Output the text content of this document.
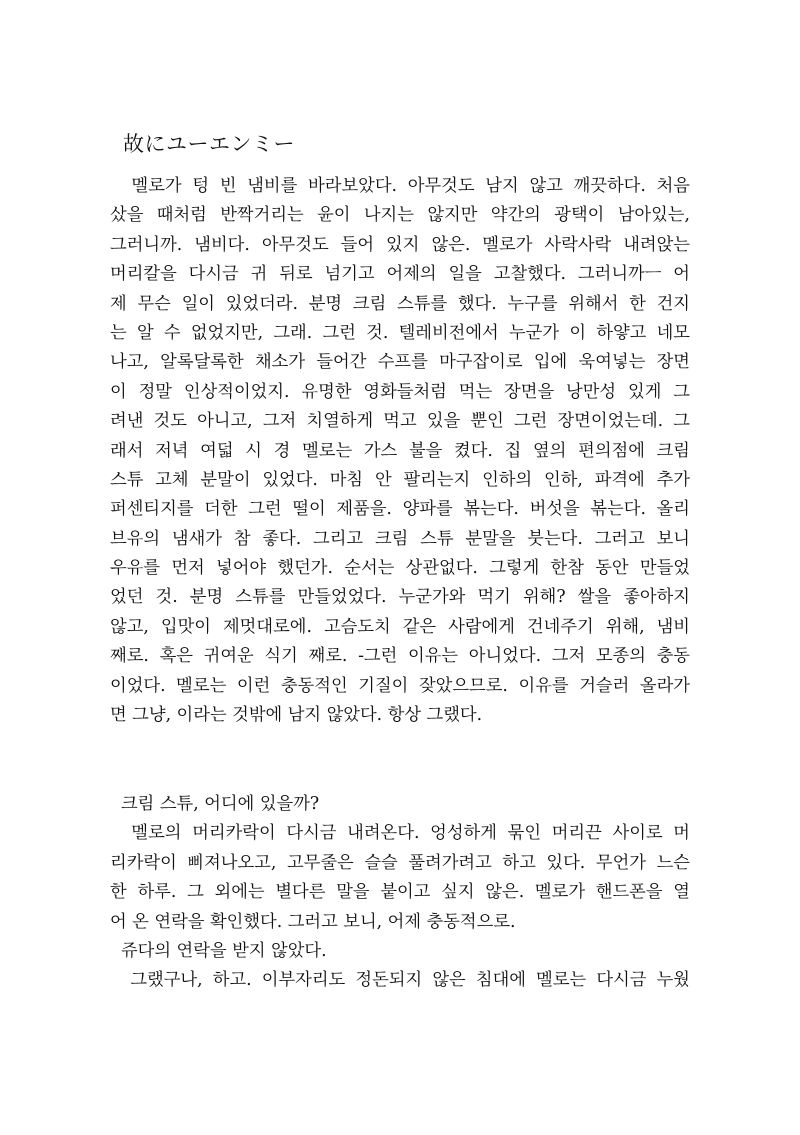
故にユーエンミー
멜로가 텅 빈 냄비를 바라보았다. 아무것도 남지 않고 깨끗하다. 처음
샀을 때처럼 반짝거리는 윤이 나지는 않지만 약간의 광택이 남아있는,
그러니까. 냄비다. 아무것도 들어 있지 않은. 멜로가 사락사락 내려앉는
머리칼을 다시금 귀 뒤로 넘기고 어제의 일을 고찰했다. 그러니까ㅡ 어
제 무슨 일이 있었더라. 분명 크림 스튜를 했다. 누구를 위해서 한 건지
는 알 수 없었지만, 그래. 그런 것. 텔레비전에서 누군가 이 하얗고 네모
나고, 알록달록한 채소가 들어간 수프를 마구잡이로 입에 욱여넣는 장면
이 정말 인상적이었지. 유명한 영화들처럼 먹는 장면을 낭만성 있게 그
려낸 것도 아니고, 그저 치열하게 먹고 있을 뿐인 그런 장면이었는데. 그
래서 저녁 여덟 시 경 멜로는 가스 불을 켰다. 집 옆의 편의점에 크림
스튜 고체 분말이 있었다. 마침 안 팔리는지 인하의 인하, 파격에 추가
퍼센티지를 더한 그런 떨이 제품을. 양파를 볶는다. 버섯을 볶는다. 올리
브유의 냄새가 참 좋다. 그리고 크림 스튜 분말을 붓는다. 그러고 보니
우유를 먼저 넣어야 했던가. 순서는 상관없다. 그렇게 한참 동안 만들었
었던 것. 분명 스튜를 만들었었다. 누군가와 먹기 위해? 쌀을 좋아하지
않고, 입맛이 제멋대로에. 고슴도치 같은 사람에게 건네주기 위해, 냄비
째로. 혹은 귀여운 식기 째로. -그런 이유는 아니었다. 그저 모종의 충동
이었다. 멜로는 이런 충동적인 기질이 잦았으므로. 이유를 거슬러 올라가
면 그냥, 이라는 것밖에 남지 않았다. 항상 그랬다.
크림 스튜, 어디에 있을까?
멜로의 머리카락이 다시금 내려온다. 엉성하게 묶인 머리끈 사이로 머
리카락이 삐져나오고, 고무줄은 슬슬 풀려가려고 하고 있다. 무언가 느슨
한 하루. 그 외에는 별다른 말을 붙이고 싶지 않은. 멜로가 핸드폰을 열
어 온 연락을 확인했다. 그러고 보니, 어제 충동적으로.
쥬다의 연락을 받지 않았다.
그랬구나, 하고. 이부자리도 정돈되지 않은 침대에 멜로는 다시금 누웠
